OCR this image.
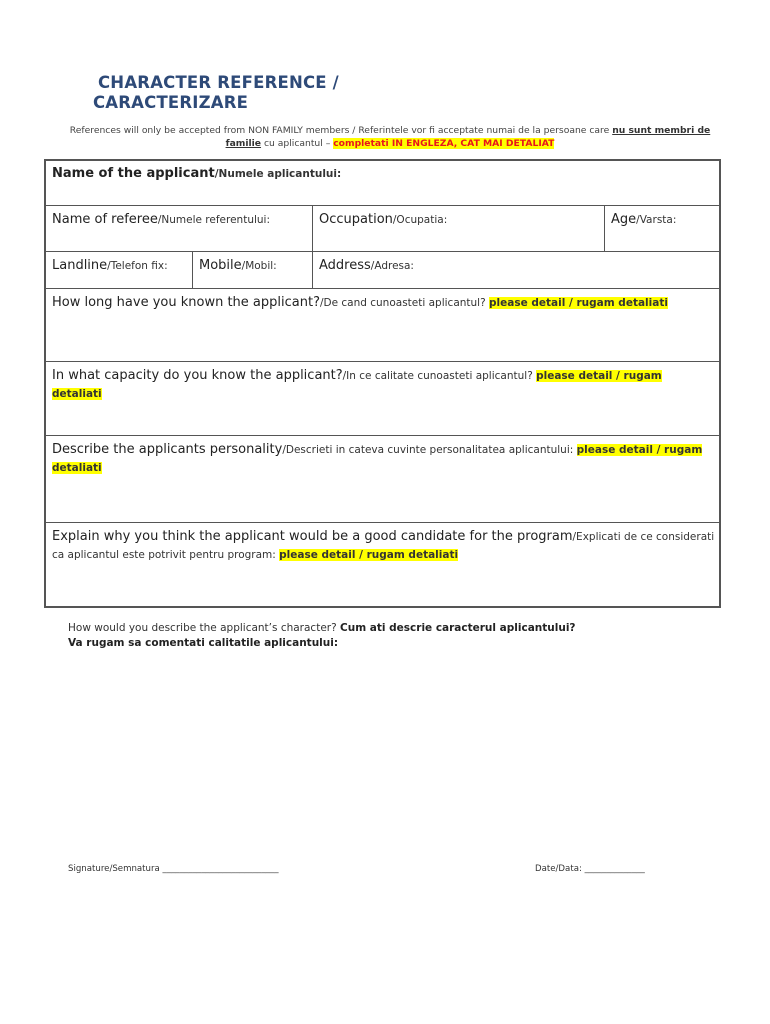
CHARACTER REFERENCE /
CARACTERIZARE
References will only be accepted from NON FAMILY members / Referintele vor fi acceptate numai de la persoane care nu sunt membri de familie cu aplicantul – completati IN ENGLEZA, CAT MAI DETALIAT
Name of the applicant/Numele aplicantului:
Name of referee/Numele referentului:	Occupation/Ocupatia:	Age/Varsta:
Landline/Telefon fix:	Mobile/Mobil:	Address/Adresa:
How long have you known the applicant?/De cand cunoasteti aplicantul? please detail / rugam detaliati
In what capacity do you know the applicant?/In ce calitate cunoasteti aplicantul? please detail / rugam detaliati
Describe the applicants personality/Descrieti in cateva cuvinte personalitatea aplicantului: please detail / rugam detaliati
Explain why you think the applicant would be a good candidate for the program/Explicati de ce considerati ca aplicantul este potrivit pentru program: please detail / rugam detaliati
How would you describe the applicant’s character? Cum ati descrie caracterul aplicantului?
Va rugam sa comentati calitatile aplicantului:
Signature/Semnatura ___________________________	Date/Data: ______________
